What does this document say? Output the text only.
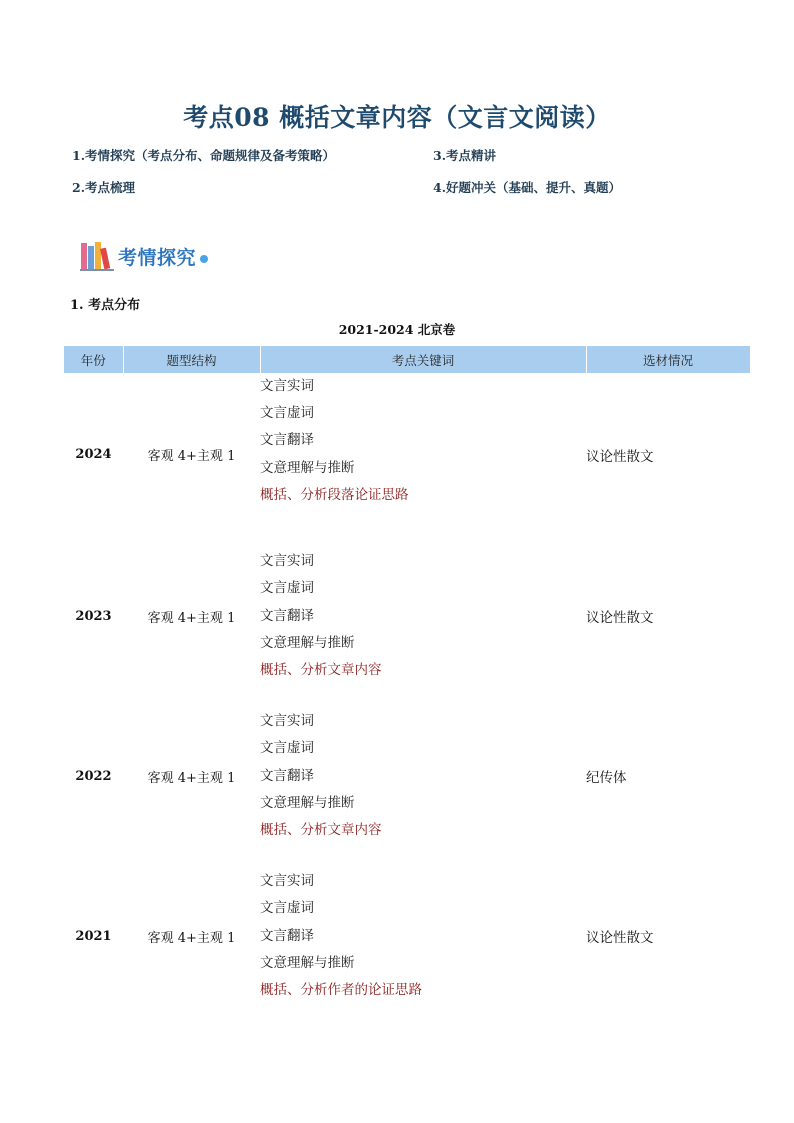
考点08 概括文章内容（文言文阅读）
1.考情探究（考点分布、命题规律及备考策略）	3.考点精讲
2.考点梳理	4.好题冲关（基础、提升、真题）
考情探究
1. 考点分布
2021-2024 北京卷
年份	题型结构	考点关键词	选材情况
2024	客观 4+主观 1	文言实词
文言虚词
文言翻译
文意理解与推断
概括、分析段落论证思路	议论性散文
2023	客观 4+主观 1	文言实词
文言虚词
文言翻译
文意理解与推断
概括、分析文章内容	议论性散文
2022	客观 4+主观 1	文言实词
文言虚词
文言翻译
文意理解与推断
概括、分析文章内容	纪传体
2021	客观 4+主观 1	文言实词
文言虚词
文言翻译
文意理解与推断
概括、分析作者的论证思路	议论性散文
